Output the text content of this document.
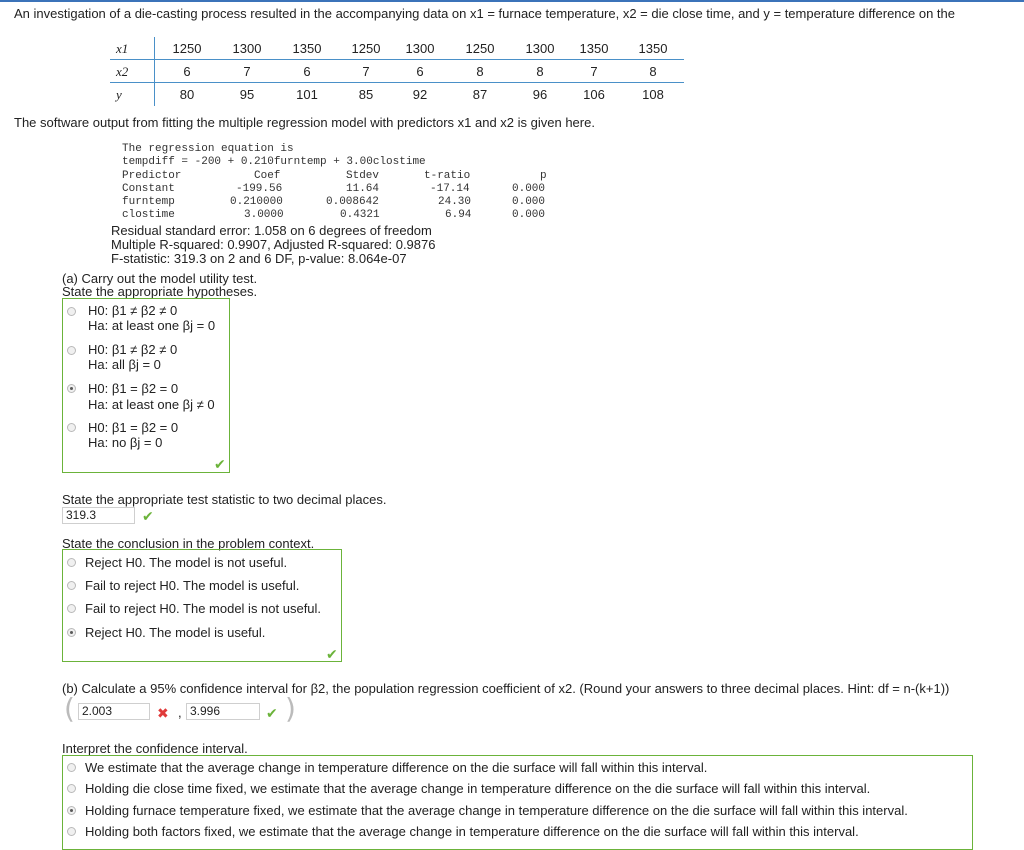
An investigation of a die-casting process resulted in the accompanying data on x1 = furnace temperature, x2 = die close time, and y = temperature difference on the
x1	1250	1300	1350	1250	1300	1250	1300	1350	1350
x2	6	7	6	7	6	8	8	7	8
y	80	95	101	85	92	87	96	106	108
The software output from fitting the multiple regression model with predictors x1 and x2 is given here.
The regression equation is
tempdiff = -200 + 0.210furntemp + 3.00clostime
Predictor	Coef	Stdev	t-ratio	p
Constant	-199.56	11.64	-17.14	0.000
furntemp	0.210000	0.008642	24.30	0.000
clostime	3.0000	0.4321	6.94	0.000
Residual standard error: 1.058 on 6 degrees of freedom
Multiple R-squared: 0.9907, Adjusted R-squared: 0.9876
F-statistic: 319.3 on 2 and 6 DF, p-value: 8.064e-07
(a) Carry out the model utility test.
State the appropriate hypotheses.
H0: β1 ≠ β2 ≠ 0
Ha: at least one βj = 0
H0: β1 ≠ β2 ≠ 0
Ha: all βj = 0
H0: β1 = β2 = 0
Ha: at least one βj ≠ 0
H0: β1 = β2 = 0
Ha: no βj = 0
✔
State the appropriate test statistic to two decimal places.
319.3	✔
State the conclusion in the problem context.
Reject H0. The model is not useful.
Fail to reject H0. The model is useful.
Fail to reject H0. The model is not useful.
Reject H0. The model is useful.
✔
(b) Calculate a 95% confidence interval for β2, the population regression coefficient of x2. (Round your answers to three decimal places. Hint: df = n-(k+1))
( 2.003	✖ , 3.996	✔ )
Interpret the confidence interval.
We estimate that the average change in temperature difference on the die surface will fall within this interval.
Holding die close time fixed, we estimate that the average change in temperature difference on the die surface will fall within this interval.
Holding furnace temperature fixed, we estimate that the average change in temperature difference on the die surface will fall within this interval.
Holding both factors fixed, we estimate that the average change in temperature difference on the die surface will fall within this interval.
